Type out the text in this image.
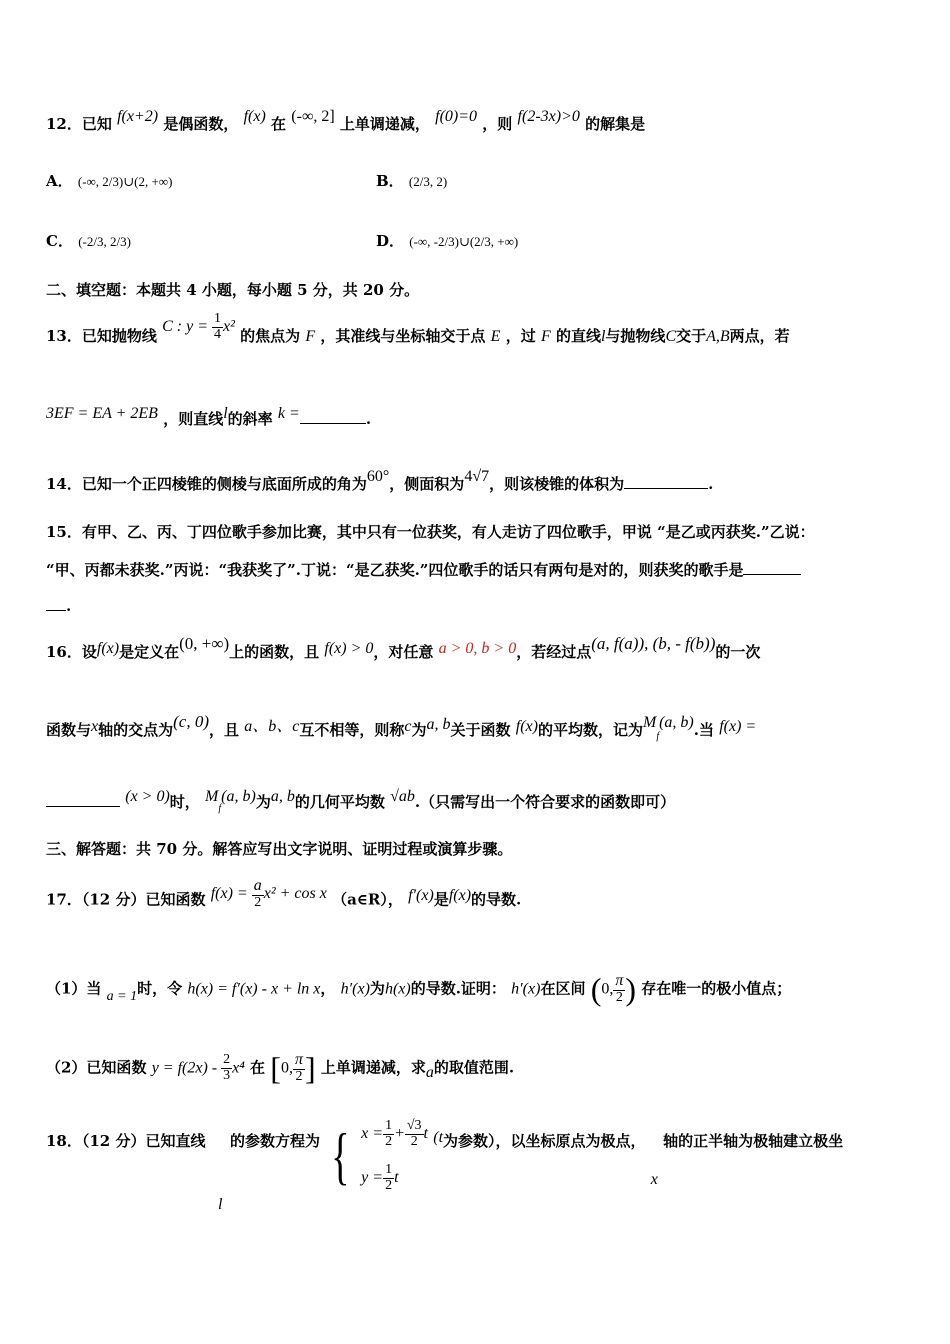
12．已知 f(x+2) 是偶函数， f(x) 在 (-∞, 2] 上单调递减， f(0)=0 ，则 f(2-3x)>0 的解集是
A． (-∞, 2/3)∪(2, +∞)	B． (2/3, 2)
C． (-2/3, 2/3)	D． (-∞, -2/3)∪(2/3, +∞)
二、填空题：本题共 4 小题，每小题 5 分，共 20 分。
13．已知抛物线 C : $y = \frac{1}{4} x^2$ 的焦点为 F ，其准线与坐标轴交于点 E ，过 F 的直线l与抛物线C交于A,B两点，若
3EF = EA + 2EB ，则直线l的斜率 k =	.
14．已知一个正四棱锥的侧棱与底面所成的角为60°，侧面积为4√7，则该棱锥的体积为	.
15．有甲、乙、丙、丁四位歌手参加比赛，其中只有一位获奖，有人走访了四位歌手，甲说 “是乙或丙获奖.”乙说：
“甲、丙都未获奖.”丙说：“我获奖了”.丁说：“是乙获奖.”四位歌手的话只有两句是对的，则获奖的歌手是
.
16．设f(x)是定义在(0, +∞)上的函数，且 f(x) > 0，对任意 a > 0, b > 0，若经过点(a, f(a)), (b, - f(b))的一次
函数与x轴的交点为(c, 0)，且 a、b、c互不相等，则称c为a, b关于函数 f(x)的平均数，记为$M_f(a$, b).当 f(x) =
(x > 0)时， $M_f(a$, b)为a, b的几何平均数 √ab.（只需写出一个符合要求的函数即可）
三、解答题：共 70 分。解答应写出文字说明、证明过程或演算步骤。
17．（12 分）已知函数 $f(x) = \frac{a}{2} x^2 + \cos x$ （a∈R）， f′(x)是f(x)的导数.
（1）当 a = 1时，令 h(x) = f′(x) - x + ln x， h′(x)为h(x)的导数.证明： h′(x)在区间 (0, $\frac{\pi}{2}$ ) 存在唯一的极小值点；
（2）已知函数 $y = f(2x) - \frac{2}{3} x^4$ 在 [0, $\frac{\pi}{2}$ ] 上单调递减，求a的取值范围.
18．（12 分）已知直线
l
的参数方程为 { $x = \frac{1}{2} + \frac{√3}{2}$ t
$y = \frac{1}{2}$ t
(t为参数），以坐标原点为极点， x 轴的正半轴为极轴建立极坐
